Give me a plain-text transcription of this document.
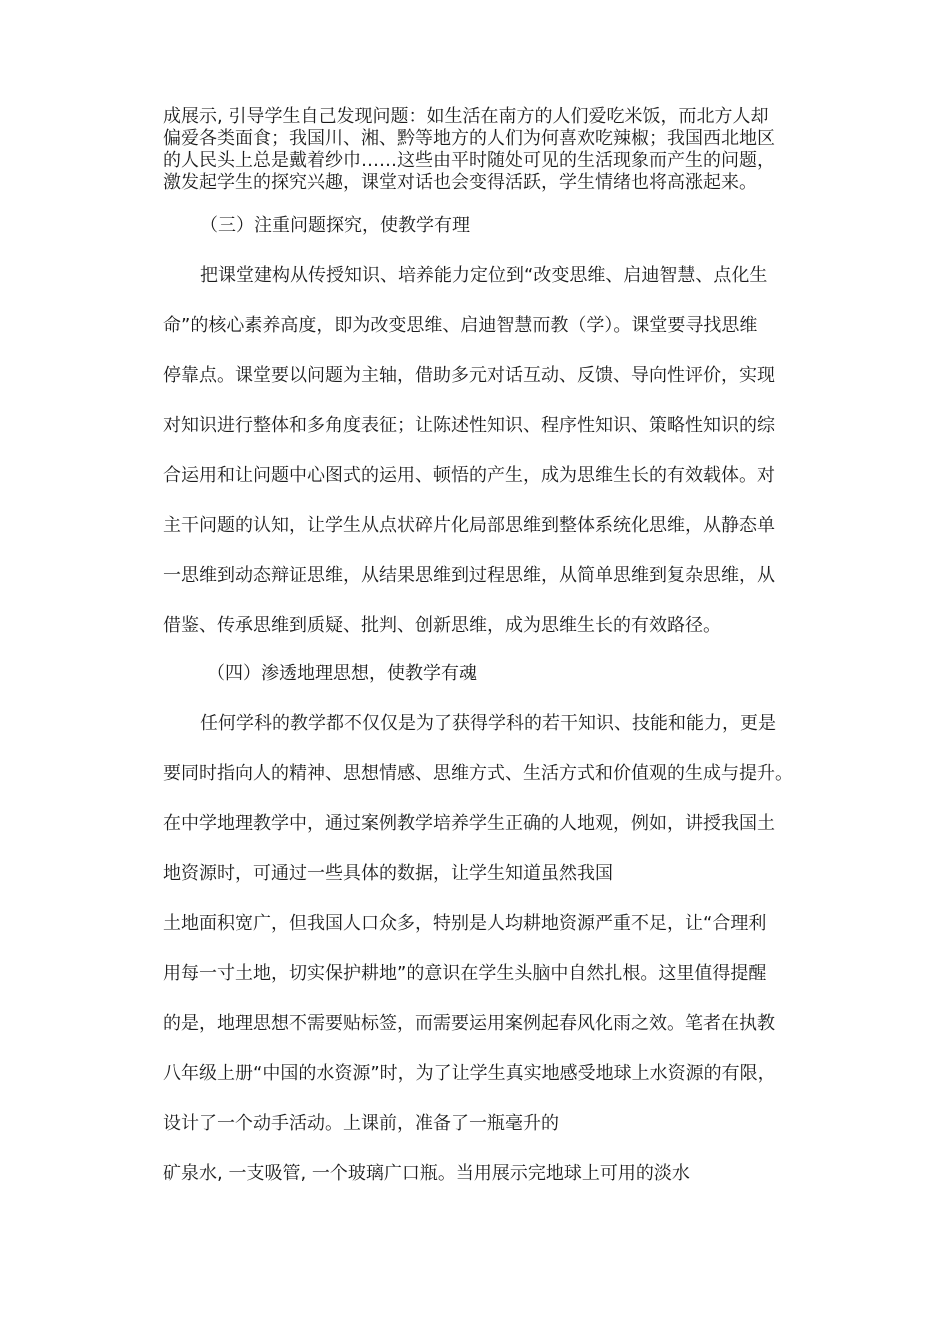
成展示, 引导学生自己发现问题：如生活在南方的人们爱吃米饭，而北方人却
偏爱各类面食；我国川、湘、黔等地方的人们为何喜欢吃辣椒；我国西北地区
的人民头上总是戴着纱巾……这些由平时随处可见的生活现象而产生的问题，
激发起学生的探究兴趣，课堂对话也会变得活跃，学生情绪也将高涨起来。
（三）注重问题探究，使教学有理
把课堂建构从传授知识、培养能力定位到“改变思维、启迪智慧、点化生
命”的核心素养高度，即为改变思维、启迪智慧而教（学）。课堂要寻找思维
停靠点。课堂要以问题为主轴，借助多元对话互动、反馈、导向性评价，实现
对知识进行整体和多角度表征；让陈述性知识、程序性知识、策略性知识的综
合运用和让问题中心图式的运用、顿悟的产生，成为思维生长的有效载体。对
主干问题的认知，让学生从点状碎片化局部思维到整体系统化思维，从静态单
一思维到动态辩证思维，从结果思维到过程思维，从简单思维到复杂思维，从
借鉴、传承思维到质疑、批判、创新思维，成为思维生长的有效路径。
（四）渗透地理思想，使教学有魂
任何学科的教学都不仅仅是为了获得学科的若干知识、技能和能力，更是
要同时指向人的精神、思想情感、思维方式、生活方式和价值观的生成与提升。
在中学地理教学中，通过案例教学培养学生正确的人地观，例如，讲授我国土
地资源时，可通过一些具体的数据，让学生知道虽然我国
土地面积宽广，但我国人口众多，特别是人均耕地资源严重不足，让“合理利
用每一寸土地，切实保护耕地”的意识在学生头脑中自然扎根。这里值得提醒
的是，地理思想不需要贴标签，而需要运用案例起春风化雨之效。笔者在执教
八年级上册“中国的水资源”时，为了让学生真实地感受地球上水资源的有限，
设计了一个动手活动。上课前，准备了一瓶毫升的
矿泉水, 一支吸管, 一个玻璃广口瓶。当用展示完地球上可用的淡水
